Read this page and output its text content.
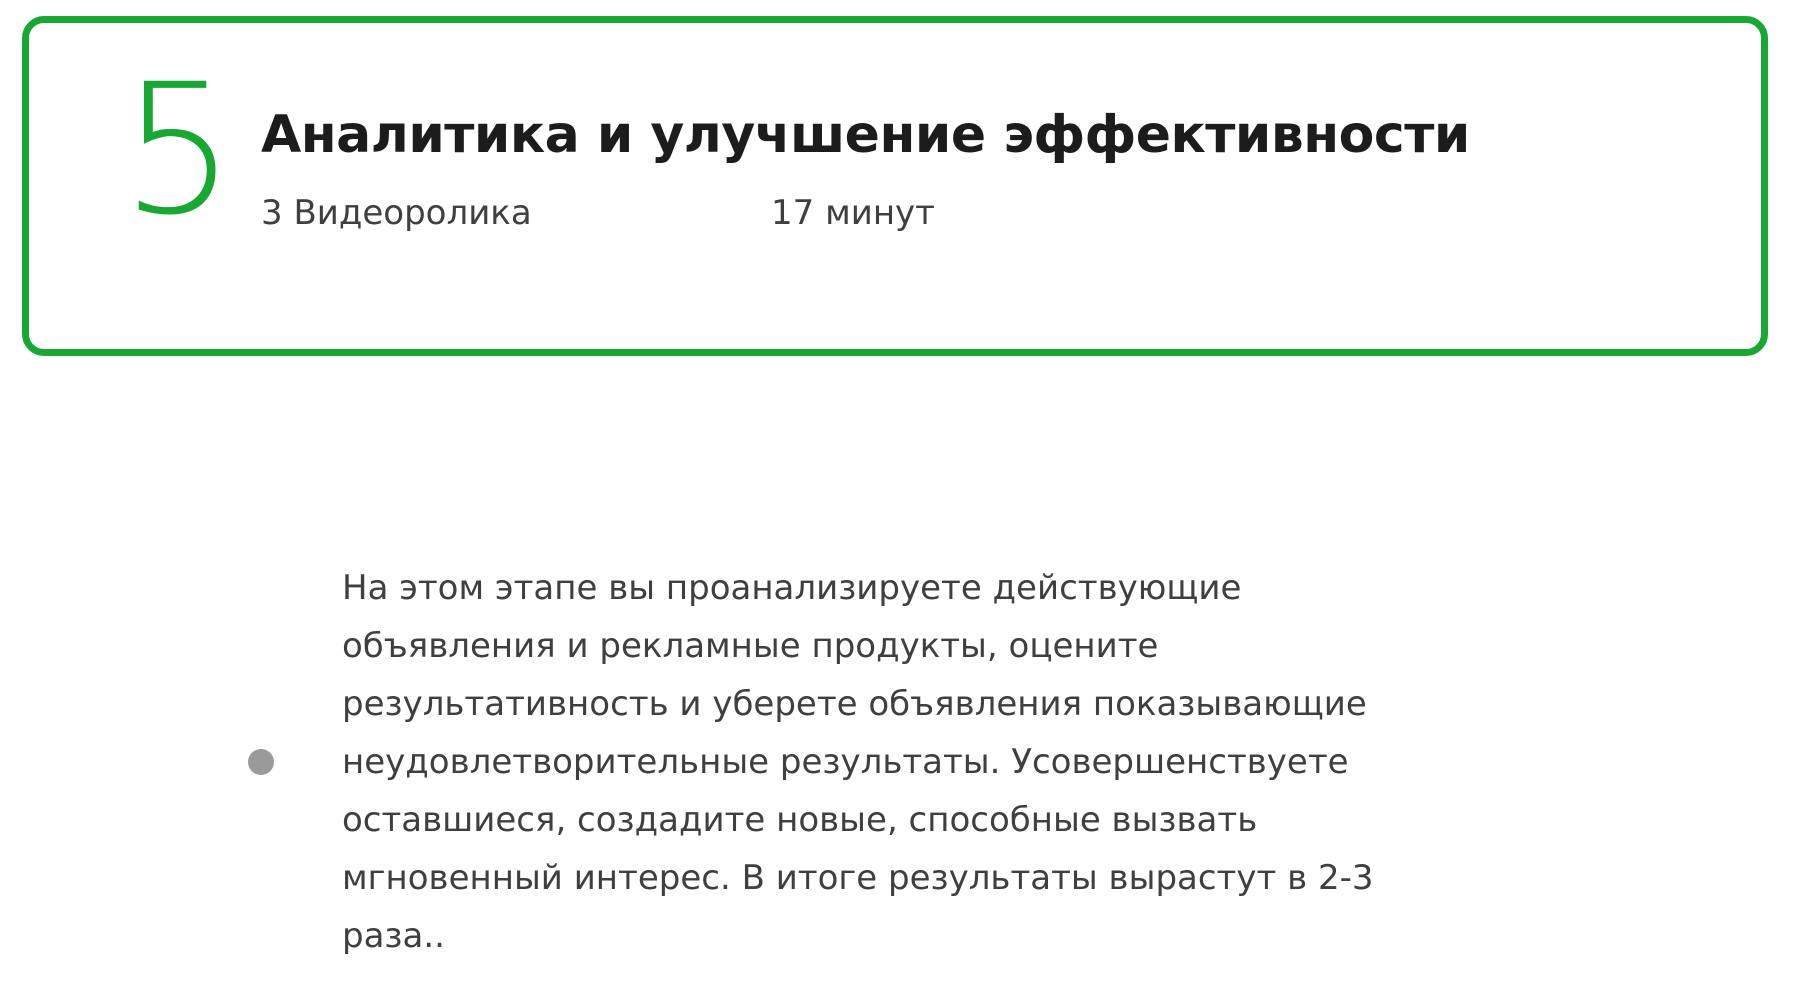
5 Аналитика и улучшение эффективности
3 Видеоролика	17 минут

На этом этапе вы проанализируете действующие объявления и рекламные продукты, оцените результативность и уберете объявления показывающие неудовлетворительные результаты. Усовершенствуете оставшиеся, создадите новые, способные вызвать мгновенный интерес. В итоге результаты вырастут в 2-3 раза..
